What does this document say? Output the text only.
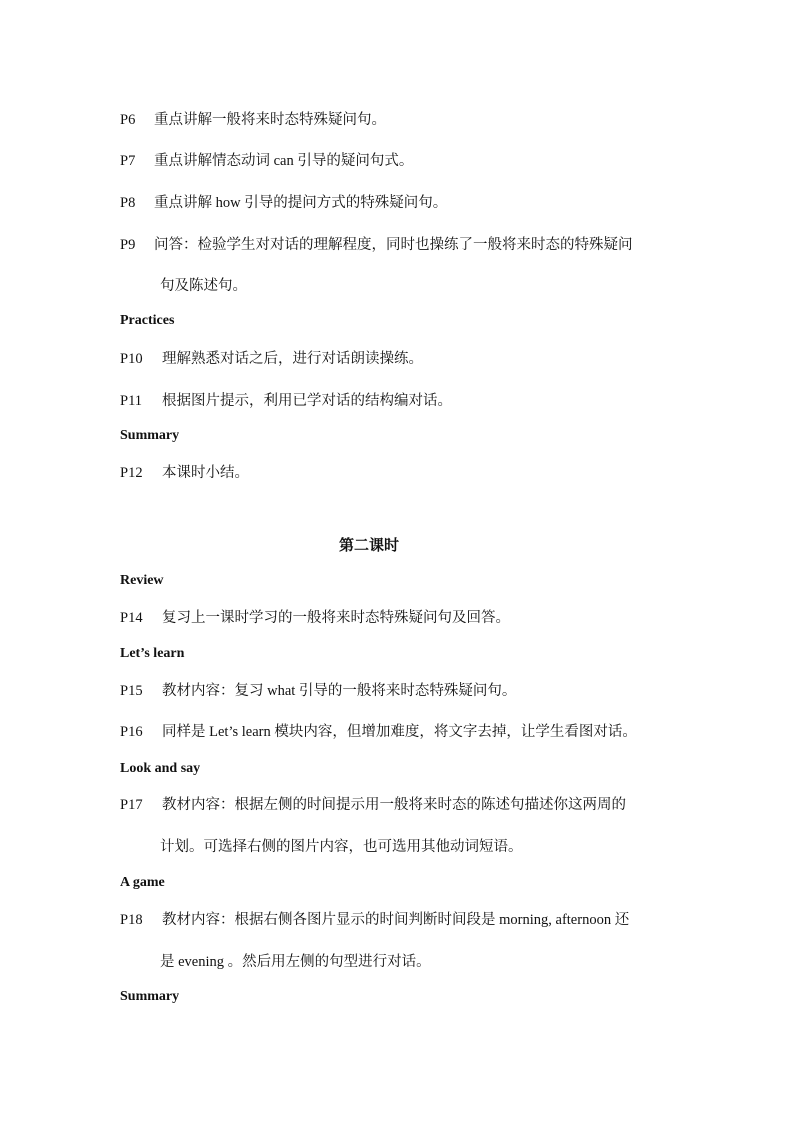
P6 重点讲解一般将来时态特殊疑问句。
P7 重点讲解情态动词 can 引导的疑问句式。
P8 重点讲解 how 引导的提问方式的特殊疑问句。
P9 问答：检验学生对对话的理解程度，同时也操练了一般将来时态的特殊疑问
句及陈述句。
Practices
P10 理解熟悉对话之后，进行对话朗读操练。
P11 根据图片提示，利用已学对话的结构编对话。
Summary
P12 本课时小结。
第二课时
Review
P14 复习上一课时学习的一般将来时态特殊疑问句及回答。
Let’s learn
P15 教材内容：复习 what 引导的一般将来时态特殊疑问句。
P16 同样是 Let’s learn 模块内容，但增加难度，将文字去掉，让学生看图对话。
Look and say
P17 教材内容：根据左侧的时间提示用一般将来时态的陈述句描述你这两周的
计划。可选择右侧的图片内容，也可选用其他动词短语。
A game
P18 教材内容：根据右侧各图片显示的时间判断时间段是 morning, afternoon 还
是 evening 。然后用左侧的句型进行对话。
Summary
